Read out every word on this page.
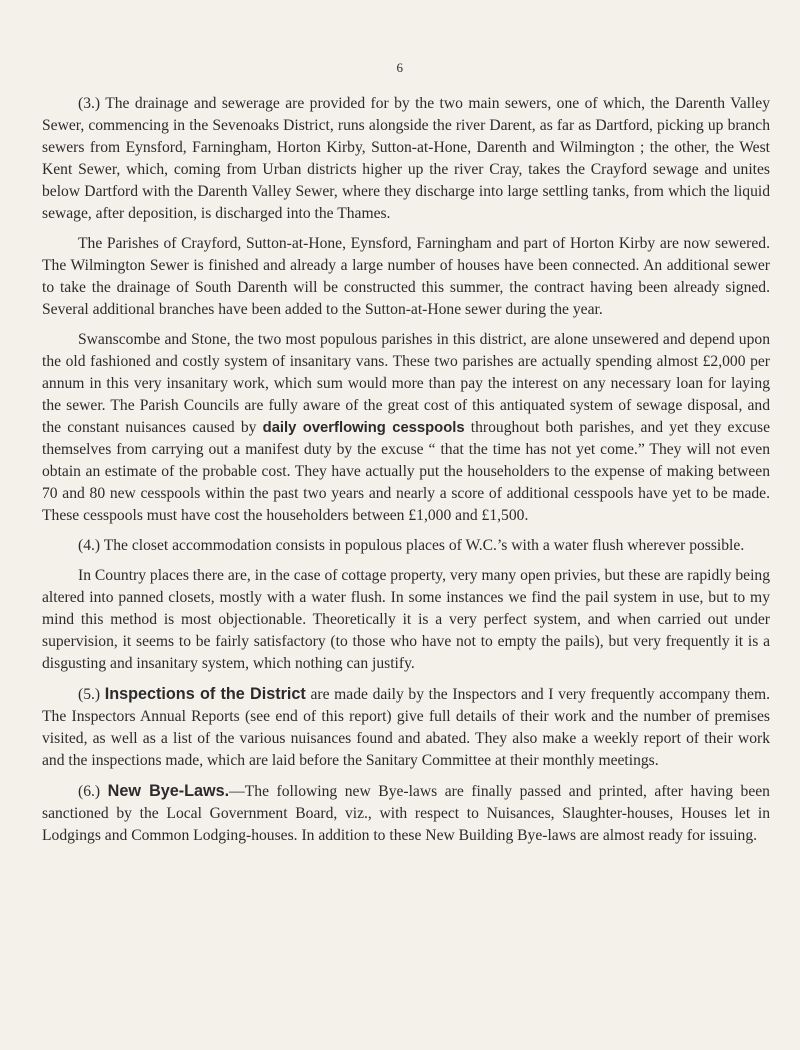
6

(3.) The drainage and sewerage are provided for by the two main sewers, one of which, the Darenth Valley Sewer, commencing in the Sevenoaks District, runs alongside the river Darent, as far as Dartford, picking up branch sewers from Eynsford, Farningham, Horton Kirby, Sutton-at-Hone, Darenth and Wilmington ; the other, the West Kent Sewer, which, coming from Urban districts higher up the river Cray, takes the Crayford sewage and unites below Dartford with the Darenth Valley Sewer, where they discharge into large settling tanks, from which the liquid sewage, after deposition, is discharged into the Thames.

The Parishes of Crayford, Sutton-at-Hone, Eynsford, Farningham and part of Horton Kirby are now sewered. The Wilmington Sewer is finished and already a large number of houses have been connected. An additional sewer to take the drainage of South Darenth will be constructed this summer, the contract having been already signed. Several additional branches have been added to the Sutton-at-Hone sewer during the year.

Swanscombe and Stone, the two most populous parishes in this district, are alone unsewered and depend upon the old fashioned and costly system of insanitary vans. These two parishes are actually spending almost £2,000 per annum in this very insanitary work, which sum would more than pay the interest on any necessary loan for laying the sewer. The Parish Councils are fully aware of the great cost of this antiquated system of sewage disposal, and the constant nuisances caused by daily overflowing cesspools throughout both parishes, and yet they excuse themselves from carrying out a manifest duty by the excuse “ that the time has not yet come.” They will not even obtain an estimate of the probable cost. They have actually put the householders to the expense of making between 70 and 80 new cesspools within the past two years and nearly a score of additional cesspools have yet to be made. These cesspools must have cost the householders between £1,000 and £1,500.

(4.) The closet accommodation consists in populous places of W.C.’s with a water flush wherever possible.

In Country places there are, in the case of cottage property, very many open privies, but these are rapidly being altered into panned closets, mostly with a water flush. In some instances we find the pail system in use, but to my mind this method is most objectionable. Theoretically it is a very perfect system, and when carried out under supervision, it seems to be fairly satisfactory (to those who have not to empty the pails), but very frequently it is a disgusting and insanitary system, which nothing can justify.

(5.) Inspections of the District are made daily by the Inspectors and I very frequently accompany them. The Inspectors Annual Reports (see end of this report) give full details of their work and the number of premises visited, as well as a list of the various nuisances found and abated. They also make a weekly report of their work and the inspections made, which are laid before the Sanitary Committee at their monthly meetings.

(6.) New Bye-Laws.—The following new Bye-laws are finally passed and printed, after having been sanctioned by the Local Government Board, viz., with respect to Nuisances, Slaughter-houses, Houses let in Lodgings and Common Lodging-houses. In addition to these New Building Bye-laws are almost ready for issuing.
